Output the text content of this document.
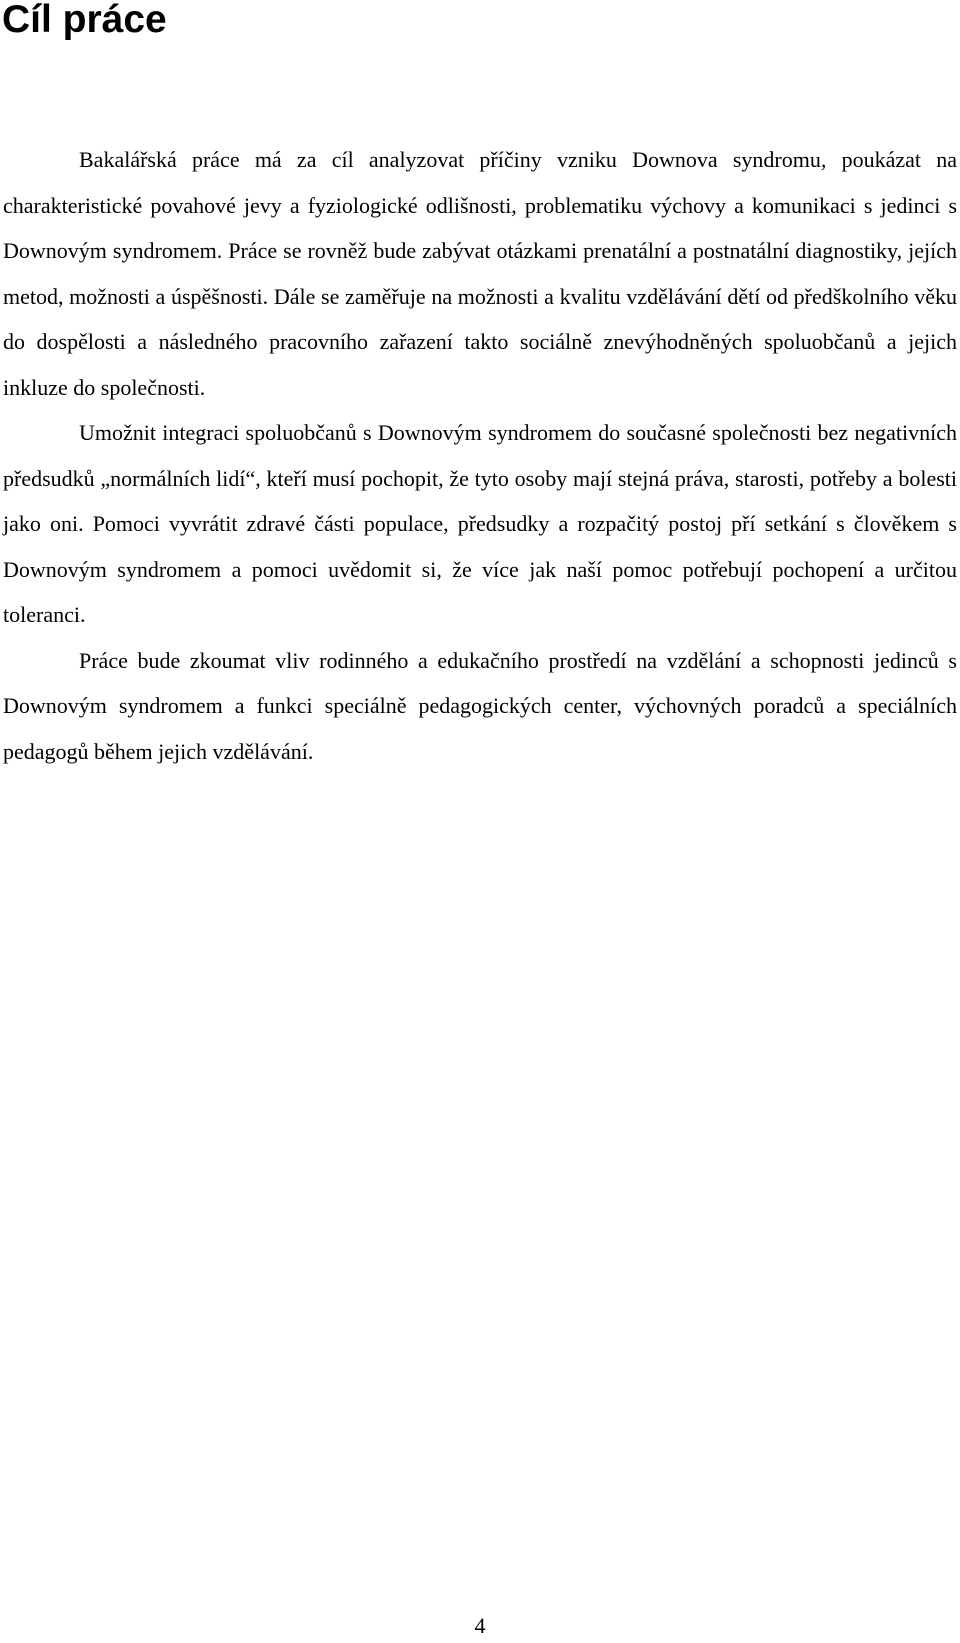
Cíl práce

Bakalářská práce má za cíl analyzovat příčiny vzniku Downova syndromu, poukázat na charakteristické povahové jevy a fyziologické odlišnosti, problematiku výchovy a komunikaci s jedinci s Downovým syndromem. Práce se rovněž bude zabývat otázkami prenatální a postnatální diagnostiky, jejích metod, možnosti a úspěšnosti. Dále se zaměřuje na možnosti a kvalitu vzdělávání dětí od předškolního věku do dospělosti a následného pracovního zařazení takto sociálně znevýhodněných spoluobčanů a jejich inkluze do společnosti.

Umožnit integraci spoluobčanů s Downovým syndromem do současné společnosti bez negativních předsudků „normálních lidí“, kteří musí pochopit, že tyto osoby mají stejná práva, starosti, potřeby a bolesti jako oni. Pomoci vyvrátit zdravé části populace, předsudky a rozpačitý postoj pří setkání s člověkem s Downovým syndromem a pomoci uvědomit si, že více jak naší pomoc potřebují pochopení a určitou toleranci.

Práce bude zkoumat vliv rodinného a edukačního prostředí na vzdělání a schopnosti jedinců s Downovým syndromem a funkci speciálně pedagogických center, výchovných poradců a speciálních pedagogů během jejich vzdělávání.

4
